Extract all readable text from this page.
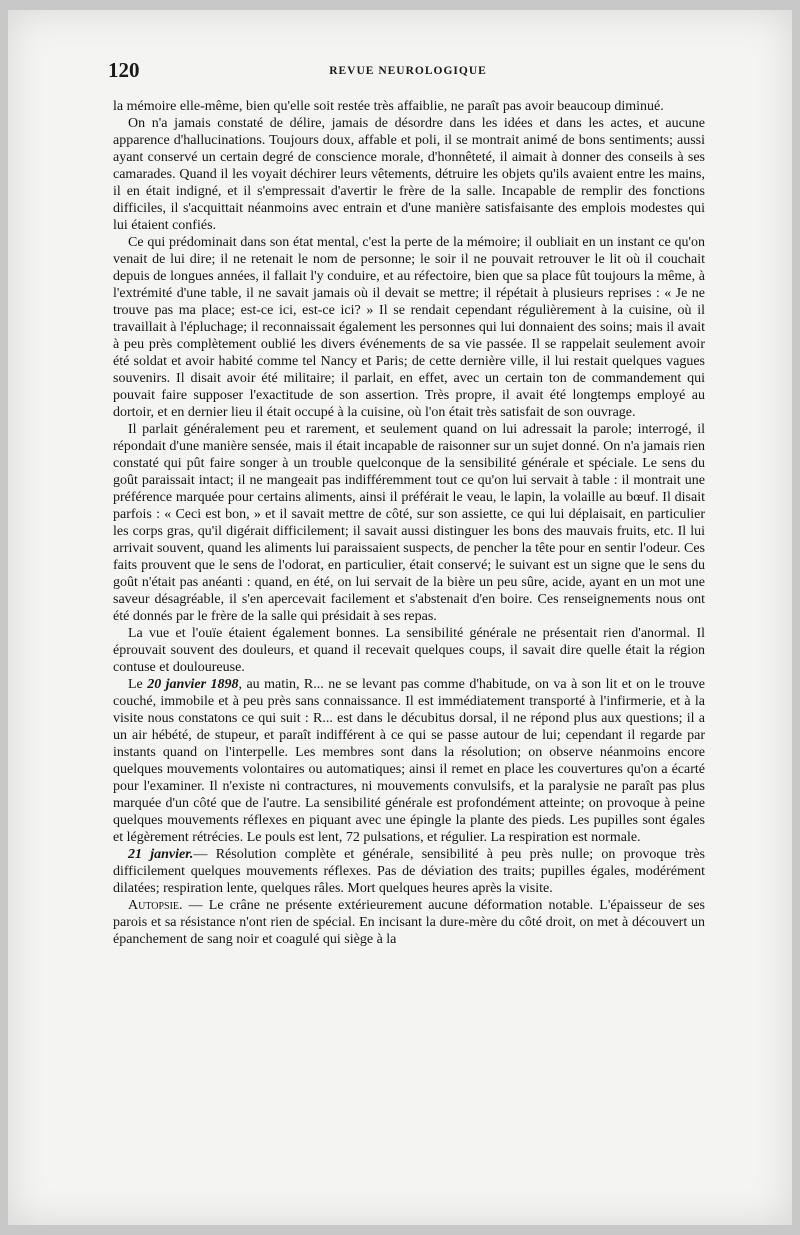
120	REVUE NEUROLOGIQUE

la mémoire elle-même, bien qu'elle soit restée très affaiblie, ne paraît pas avoir beaucoup diminué.

On n'a jamais constaté de délire, jamais de désordre dans les idées et dans les actes, et aucune apparence d'hallucinations. Toujours doux, affable et poli, il se montrait animé de bons sentiments; aussi ayant conservé un certain degré de conscience morale, d'honnêteté, il aimait à donner des conseils à ses camarades. Quand il les voyait déchirer leurs vêtements, détruire les objets qu'ils avaient entre les mains, il en était indigné, et il s'empressait d'avertir le frère de la salle. Incapable de remplir des fonctions difficiles, il s'acquittait néanmoins avec entrain et d'une manière satisfaisante des emplois modestes qui lui étaient confiés.

Ce qui prédominait dans son état mental, c'est la perte de la mémoire; il oubliait en un instant ce qu'on venait de lui dire; il ne retenait le nom de personne; le soir il ne pouvait retrouver le lit où il couchait depuis de longues années, il fallait l'y conduire, et au réfectoire, bien que sa place fût toujours la même, à l'extrémité d'une table, il ne savait jamais où il devait se mettre; il répétait à plusieurs reprises : « Je ne trouve pas ma place; est-ce ici, est-ce ici? » Il se rendait cependant régulièrement à la cuisine, où il travaillait à l'épluchage; il reconnaissait également les personnes qui lui donnaient des soins; mais il avait à peu près complètement oublié les divers événements de sa vie passée. Il se rappelait seulement avoir été soldat et avoir habité comme tel Nancy et Paris; de cette dernière ville, il lui restait quelques vagues souvenirs. Il disait avoir été militaire; il parlait, en effet, avec un certain ton de commandement qui pouvait faire supposer l'exactitude de son assertion. Très propre, il avait été longtemps employé au dortoir, et en dernier lieu il était occupé à la cuisine, où l'on était très satisfait de son ouvrage.

Il parlait généralement peu et rarement, et seulement quand on lui adressait la parole; interrogé, il répondait d'une manière sensée, mais il était incapable de raisonner sur un sujet donné. On n'a jamais rien constaté qui pût faire songer à un trouble quelconque de la sensibilité générale et spéciale. Le sens du goût paraissait intact; il ne mangeait pas indifféremment tout ce qu'on lui servait à table : il montrait une préférence marquée pour certains aliments, ainsi il préférait le veau, le lapin, la volaille au bœuf. Il disait parfois : « Ceci est bon, » et il savait mettre de côté, sur son assiette, ce qui lui déplaisait, en particulier les corps gras, qu'il digérait difficilement; il savait aussi distinguer les bons des mauvais fruits, etc. Il lui arrivait souvent, quand les aliments lui paraissaient suspects, de pencher la tête pour en sentir l'odeur. Ces faits prouvent que le sens de l'odorat, en particulier, était conservé; le suivant est un signe que le sens du goût n'était pas anéanti : quand, en été, on lui servait de la bière un peu sûre, acide, ayant en un mot une saveur désagréable, il s'en apercevait facilement et s'abstenait d'en boire. Ces renseignements nous ont été donnés par le frère de la salle qui présidait à ses repas.

La vue et l'ouïe étaient également bonnes. La sensibilité générale ne présentait rien d'anormal. Il éprouvait souvent des douleurs, et quand il recevait quelques coups, il savait dire quelle était la région contuse et douloureuse.

Le 20 janvier 1898, au matin, R... ne se levant pas comme d'habitude, on va à son lit et on le trouve couché, immobile et à peu près sans connaissance. Il est immédiatement transporté à l'infirmerie, et à la visite nous constatons ce qui suit : R... est dans le décubitus dorsal, il ne répond plus aux questions; il a un air hébété, de stupeur, et paraît indifférent à ce qui se passe autour de lui; cependant il regarde par instants quand on l'interpelle. Les membres sont dans la résolution; on observe néanmoins encore quelques mouvements volontaires ou automatiques; ainsi il remet en place les couvertures qu'on a écarté pour l'examiner. Il n'existe ni contractures, ni mouvements convulsifs, et la paralysie ne paraît pas plus marquée d'un côté que de l'autre. La sensibilité générale est profondément atteinte; on provoque à peine quelques mouvements réflexes en piquant avec une épingle la plante des pieds. Les pupilles sont égales et légèrement rétrécies. Le pouls est lent, 72 pulsations, et régulier. La respiration est normale.

21 janvier.— Résolution complète et générale, sensibilité à peu près nulle; on provoque très difficilement quelques mouvements réflexes. Pas de déviation des traits; pupilles égales, modérément dilatées; respiration lente, quelques râles. Mort quelques heures après la visite.

Autopsie. — Le crâne ne présente extérieurement aucune déformation notable. L'épaisseur de ses parois et sa résistance n'ont rien de spécial. En incisant la dure-mère du côté droit, on met à découvert un épanchement de sang noir et coagulé qui siège à la
